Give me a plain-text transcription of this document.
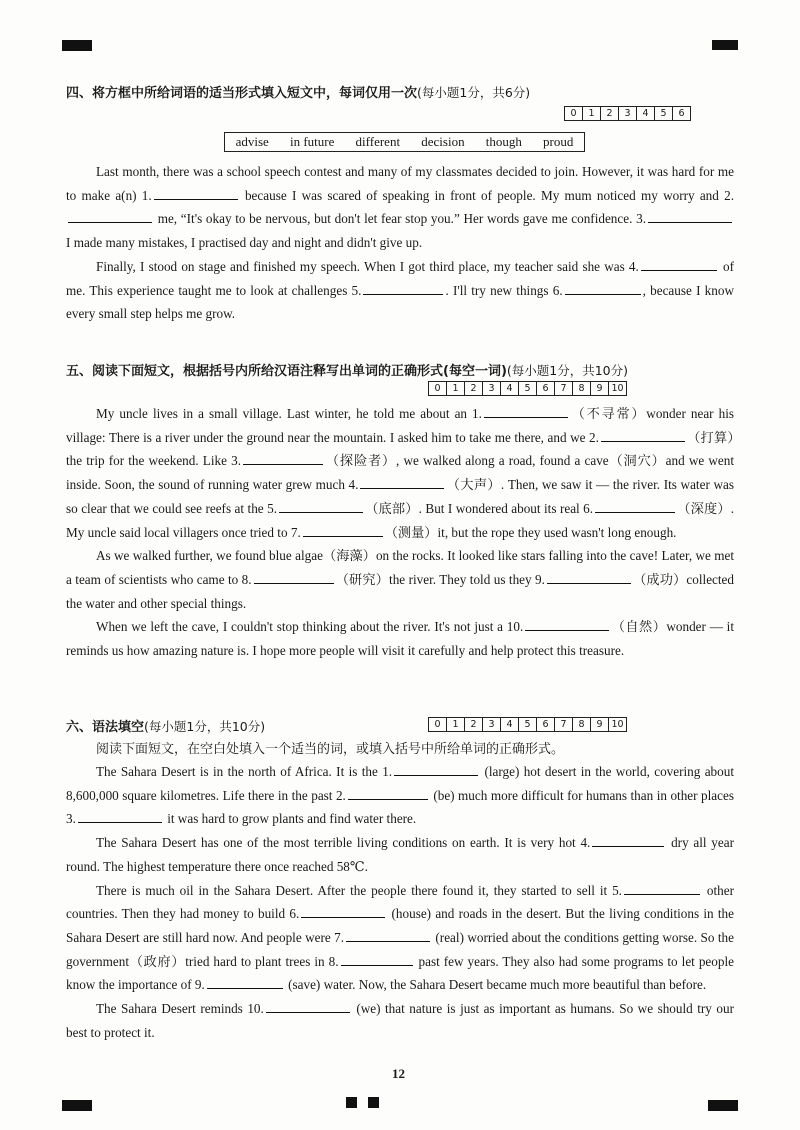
四、将方框中所给词语的适当形式填入短文中，每词仅用一次(每小题1分，共6分)
0	1	2	3	4	5	6
advise in future different decision though proud

Last month, there was a school speech contest and many of my classmates decided to join. However, it was hard for me to make a(n) 1.	because I was scared of speaking in front of people. My mum noticed my worry and 2. me, “It's okay to be nervous, but don't let fear stop you.” Her words gave me confidence. 3. I made many mistakes, I practised day and night and didn't give up.

Finally, I stood on stage and finished my speech. When I got third place, my teacher said she was 4.	of me. This experience taught me to look at challenges 5.	. I'll try new things 6.	, because I know every small step helps me grow.

五、阅读下面短文，根据括号内所给汉语注释写出单词的正确形式(每空一词)(每小题1分，共10分)
0	1	2	3	4	5	6	7	8	9	10

My uncle lives in a small village. Last winter, he told me about an 1.	（不寻常）wonder near his village: There is a river under the ground near the mountain. I asked him to take me there, and we 2.	（打算）the trip for the weekend. Like 3.	（探险者）, we walked along a road, found a cave（洞穴）and we went inside. Soon, the sound of running water grew much 4.	（大声）. Then, we saw it — the river. Its water was so clear that we could see reefs at the 5.	（底部）. But I wondered about its real 6.	（深度）. My uncle said local villagers once tried to 7.	（测量）it, but the rope they used wasn't long enough.

As we walked further, we found blue algae（海藻）on the rocks. It looked like stars falling into the cave! Later, we met a team of scientists who came to 8.	（研究）the river. They told us they 9.	（成功）collected the water and other special things.

When we left the cave, I couldn't stop thinking about the river. It's not just a 10.	（自然）wonder — it reminds us how amazing nature is. I hope more people will visit it carefully and help protect this treasure.

六、语法填空(每小题1分，共10分)	0	1	2	3	4	5	6	7	8	9	10
阅读下面短文，在空白处填入一个适当的词，或填入括号中所给单词的正确形式。

The Sahara Desert is in the north of Africa. It is the 1.	(large) hot desert in the world, covering about 8,600,000 square kilometres. Life there in the past 2.	(be) much more difficult for humans than in other places 3.	it was hard to grow plants and find water there.

The Sahara Desert has one of the most terrible living conditions on earth. It is very hot 4.	dry all year round. The highest temperature there once reached 58℃.

There is much oil in the Sahara Desert. After the people there found it, they started to sell it 5.	other countries. Then they had money to build 6.	(house) and roads in the desert. But the living conditions in the Sahara Desert are still hard now. And people were 7.	(real) worried about the conditions getting worse. So the government（政府）tried hard to plant trees in 8.	past few years. They also had some programs to let people know the importance of 9.	(save) water. Now, the Sahara Desert became much more beautiful than before.

The Sahara Desert reminds 10.	(we) that nature is just as important as humans. So we should try our best to protect it.

12
